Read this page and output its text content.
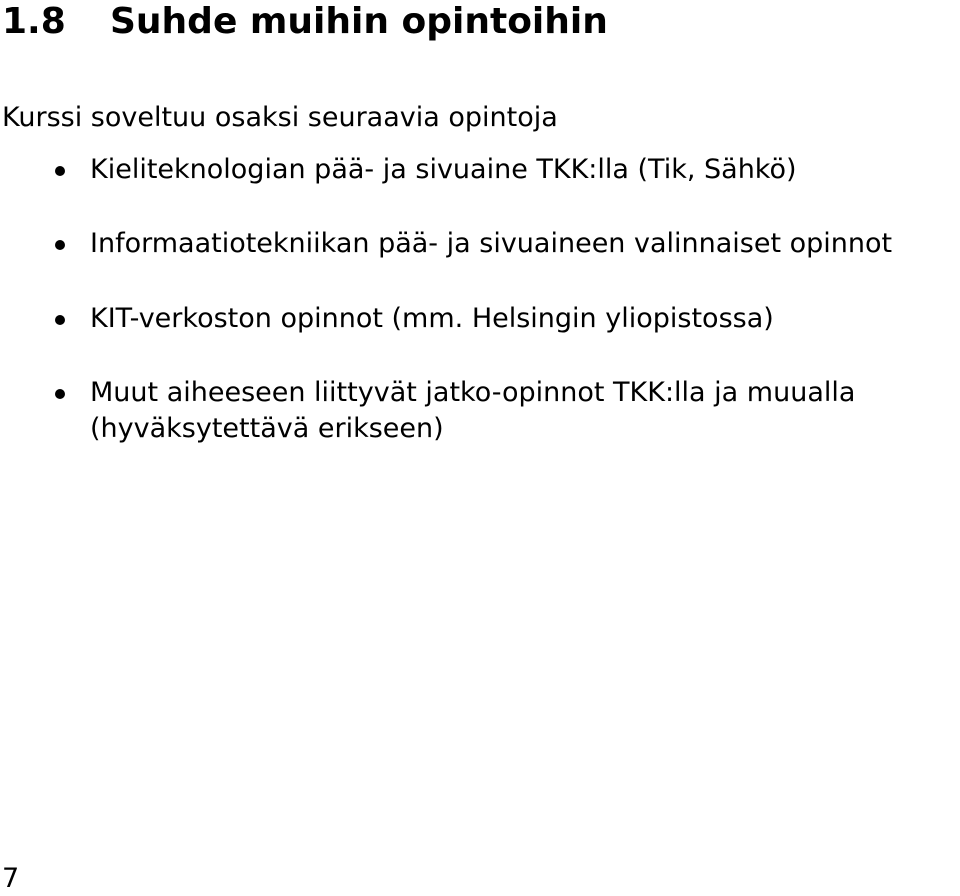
1.8 Suhde muihin opintoihin
Kurssi soveltuu osaksi seuraavia opintoja
Kieliteknologian pää- ja sivuaine TKK:lla (Tik, Sähkö)
Informaatiotekniikan pää- ja sivuaineen valinnaiset opinnot
KIT-verkoston opinnot (mm. Helsingin yliopistossa)
Muut aiheeseen liittyvät jatko-opinnot TKK:lla ja muualla (hyväksytettävä erikseen)
7
